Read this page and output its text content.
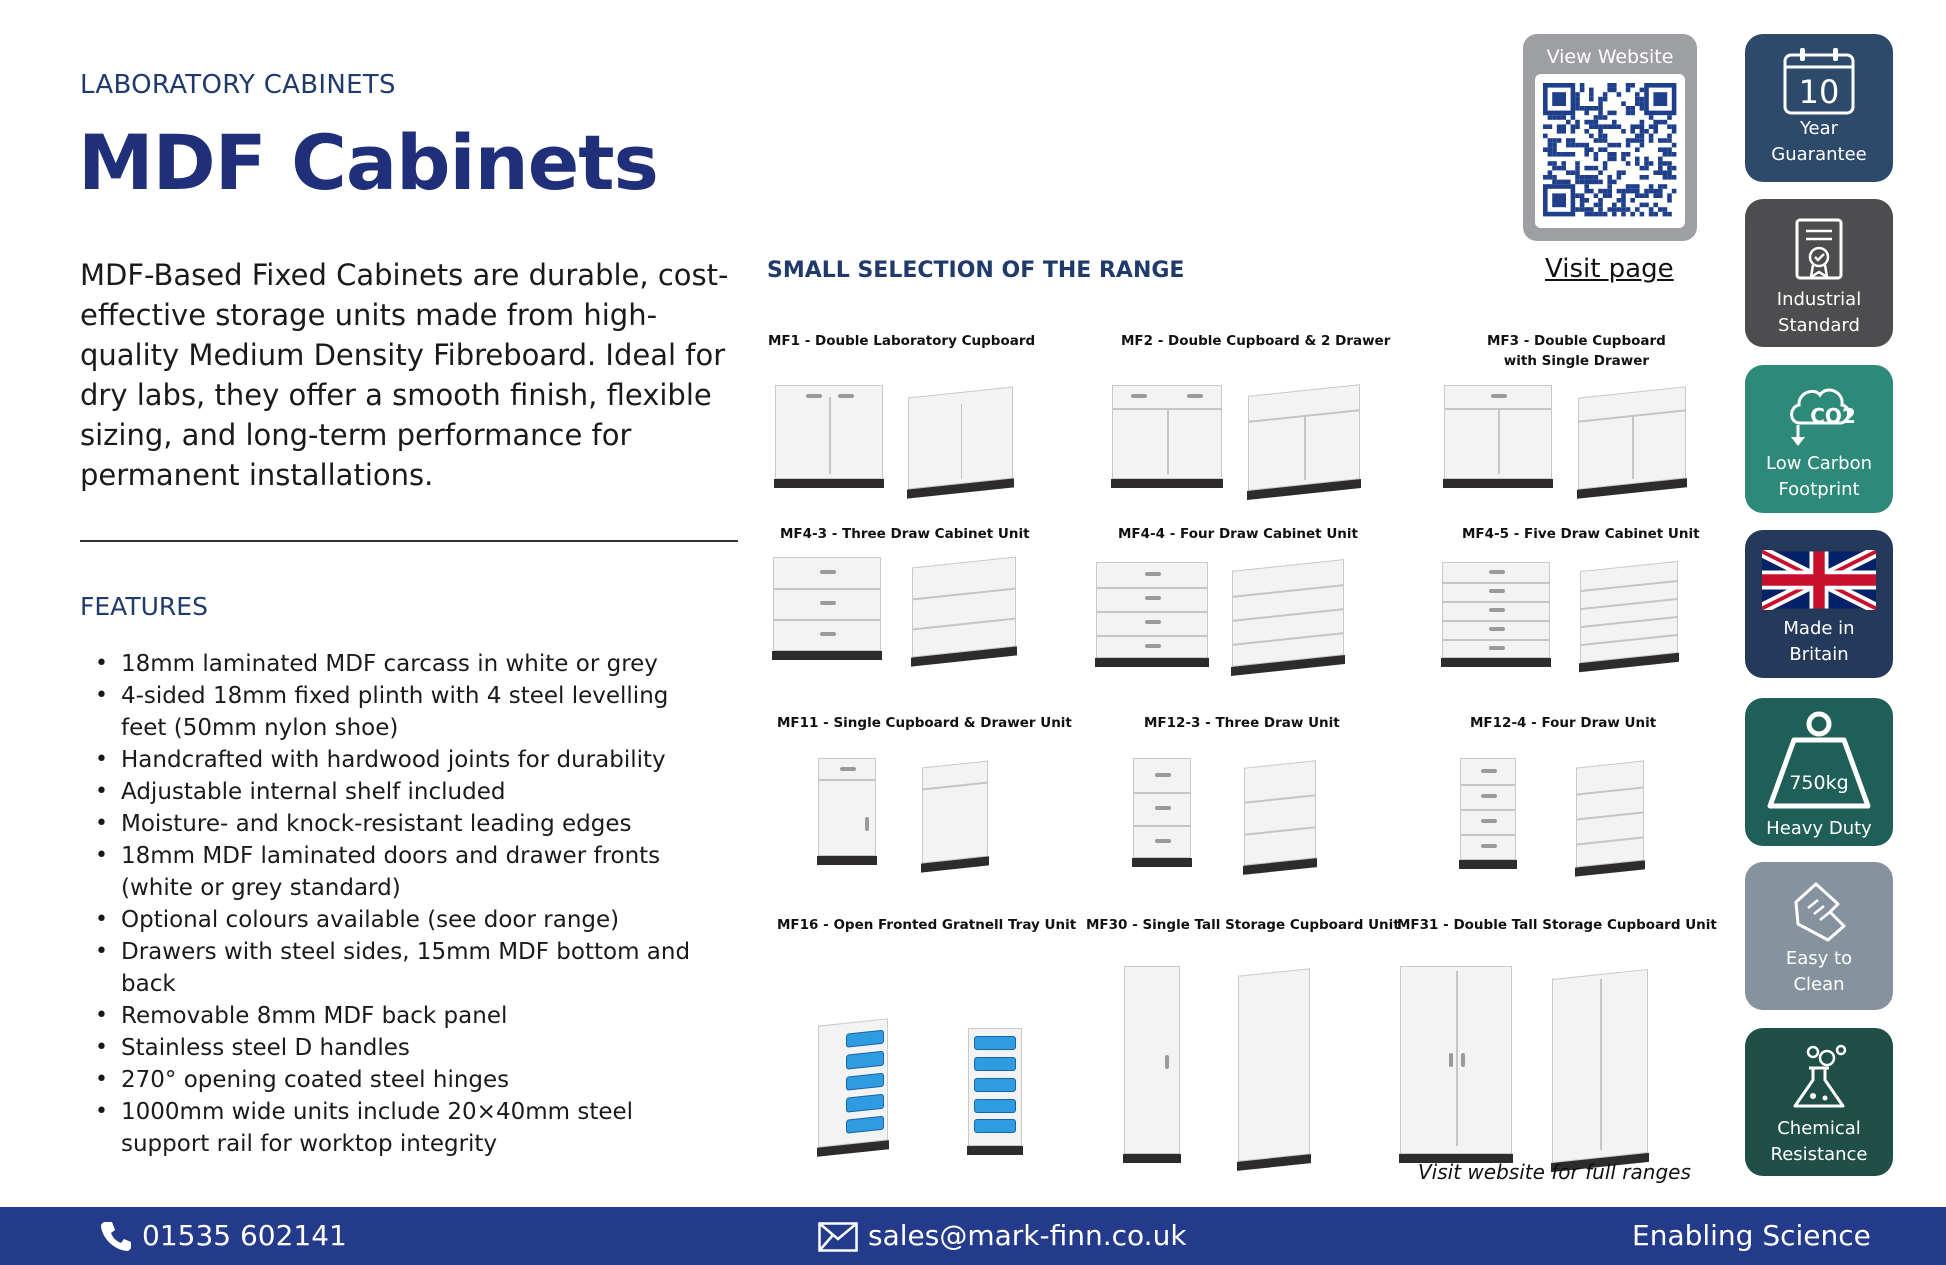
LABORATORY CABINETS
MDF Cabinets

MDF-Based Fixed Cabinets are durable, cost-effective storage units made from high-quality Medium Density Fibreboard. Ideal for dry labs, they offer a smooth finish, flexible sizing, and long-term performance for permanent installations.

FEATURES
• 18mm laminated MDF carcass in white or grey
• 4-sided 18mm fixed plinth with 4 steel levelling feet (50mm nylon shoe)
• Handcrafted with hardwood joints for durability
• Adjustable internal shelf included
• Moisture- and knock-resistant leading edges
• 18mm MDF laminated doors and drawer fronts (white or grey standard)
• Optional colours available (see door range)
• Drawers with steel sides, 15mm MDF bottom and back
• Removable 8mm MDF back panel
• Stainless steel D handles
• 270° opening coated steel hinges
• 1000mm wide units include 20×40mm steel support rail for worktop integrity
SMALL SELECTION OF THE RANGE	Visit page
View Website
MF1 - Double Laboratory Cupboard	MF2 - Double Cupboard & 2 Drawer	MF3 - Double Cupboard
with Single Drawer
MF4-3 - Three Draw Cabinet Unit	MF4-4 - Four Draw Cabinet Unit	MF4-5 - Five Draw Cabinet Unit
MF11 - Single Cupboard & Drawer Unit	MF12-3 - Three Draw Unit	MF12-4 - Four Draw Unit
MF16 - Open Fronted Gratnell Tray Unit MF30 - Single Tall Storage Cupboard Unit
MF31 - Double Tall Storage Cupboard Unit
Visit website for full ranges
10
Year
Guarantee
Industrial
Standard
CO2
Low Carbon
Footprint
Made in
Britain
750kg
Heavy Duty
Easy to
Clean
Chemical
Resistance
01535 602141	sales@mark-finn.co.uk	Enabling Science
